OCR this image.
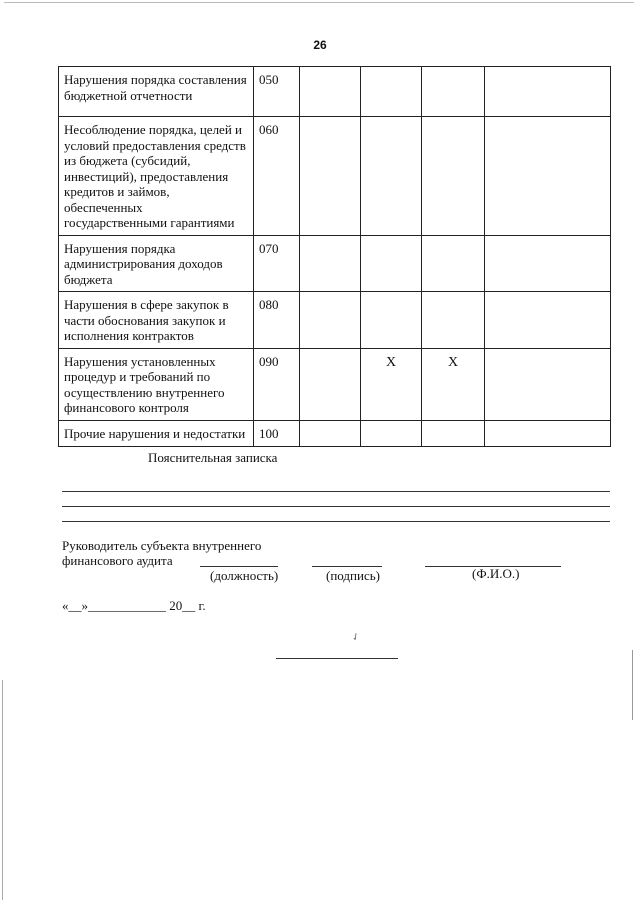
26
Нарушения порядка составления бюджетной отчетности	050				
Несоблюдение порядка, целей и условий предоставления средств из бюджета (субсидий, инвестиций), предоставления кредитов и займов, обеспеченных государственными гарантиями	060				
Нарушения порядка администрирования доходов бюджета	070				
Нарушения в сфере закупок в части обоснования закупок и исполнения контрактов	080				
Нарушения установленных процедур и требований по осуществлению внутреннего финансового контроля	090		X	X	
Прочие нарушения и недостатки	100				
Пояснительная записка
Руководитель субъекта внутреннего финансового аудита
(должность)	(подпись)	(Ф.И.О.)
«__»____________ 20__ г.
✓
